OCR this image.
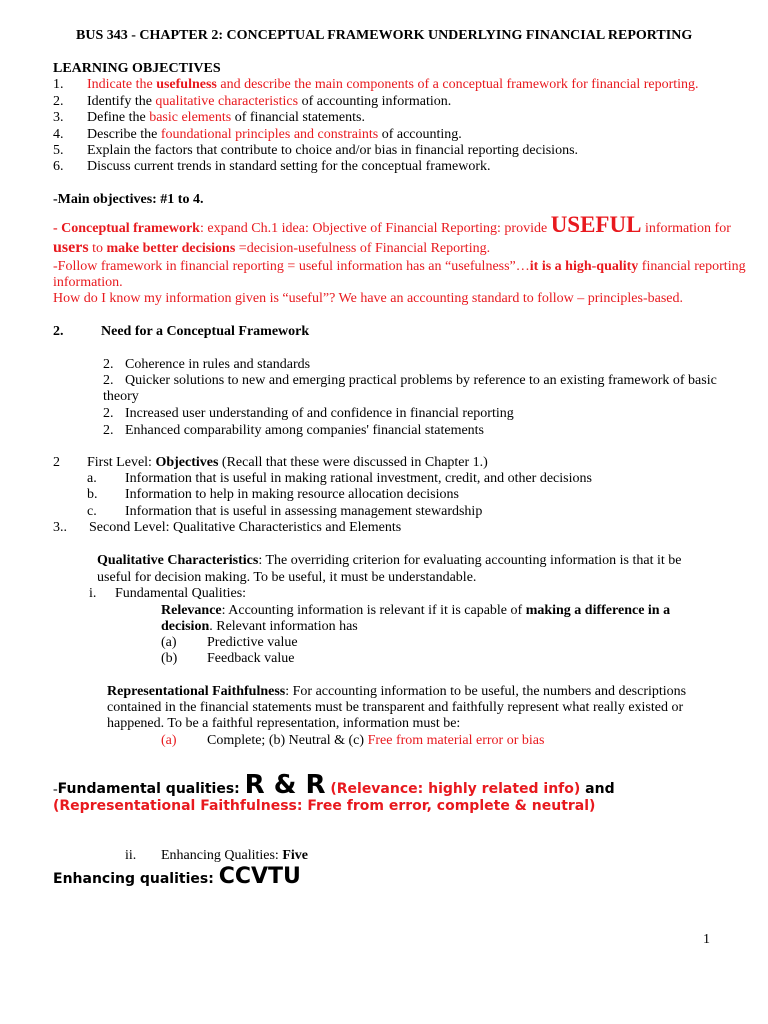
BUS 343 - CHAPTER 2: CONCEPTUAL FRAMEWORK UNDERLYING FINANCIAL REPORTING
LEARNING OBJECTIVES
1. Indicate the usefulness and describe the main components of a conceptual framework for financial reporting.
2. Identify the qualitative characteristics of accounting information.
3. Define the basic elements of financial statements.
4. Describe the foundational principles and constraints of accounting.
5. Explain the factors that contribute to choice and/or bias in financial reporting decisions.
6. Discuss current trends in standard setting for the conceptual framework.
-Main objectives: #1 to 4.
- Conceptual framework: expand Ch.1 idea: Objective of Financial Reporting: provide USEFUL information for
users to make better decisions =decision-usefulness of Financial Reporting.
-Follow framework in financial reporting = useful information has an “usefulness”…it is a high-quality financial reporting
information.
How do I know my information given is “useful”? We have an accounting standard to follow – principles-based.
2.	Need for a Conceptual Framework
2. Coherence in rules and standards
2. Quicker solutions to new and emerging practical problems by reference to an existing framework of basic
theory
2. Increased user understanding of and confidence in financial reporting
2. Enhanced comparability among companies' financial statements
2 First Level: Objectives (Recall that these were discussed in Chapter 1.)
a. Information that is useful in making rational investment, credit, and other decisions
b. Information to help in making resource allocation decisions
c. Information that is useful in assessing management stewardship
3.. Second Level: Qualitative Characteristics and Elements
Qualitative Characteristics: The overriding criterion for evaluating accounting information is that it be
useful for decision making. To be useful, it must be understandable.
i. Fundamental Qualities:
Relevance: Accounting information is relevant if it is capable of making a difference in a
decision. Relevant information has
(a) Predictive value
(b) Feedback value
Representational Faithfulness: For accounting information to be useful, the numbers and descriptions
contained in the financial statements must be transparent and faithfully represent what really existed or
happened. To be a faithful representation, information must be:
(a) Complete; (b) Neutral & (c) Free from material error or bias
-Fundamental qualities: R & R (Relevance: highly related info) and
(Representational Faithfulness: Free from error, complete & neutral)
ii. Enhancing Qualities: Five
Enhancing qualities: CCVTU
1
